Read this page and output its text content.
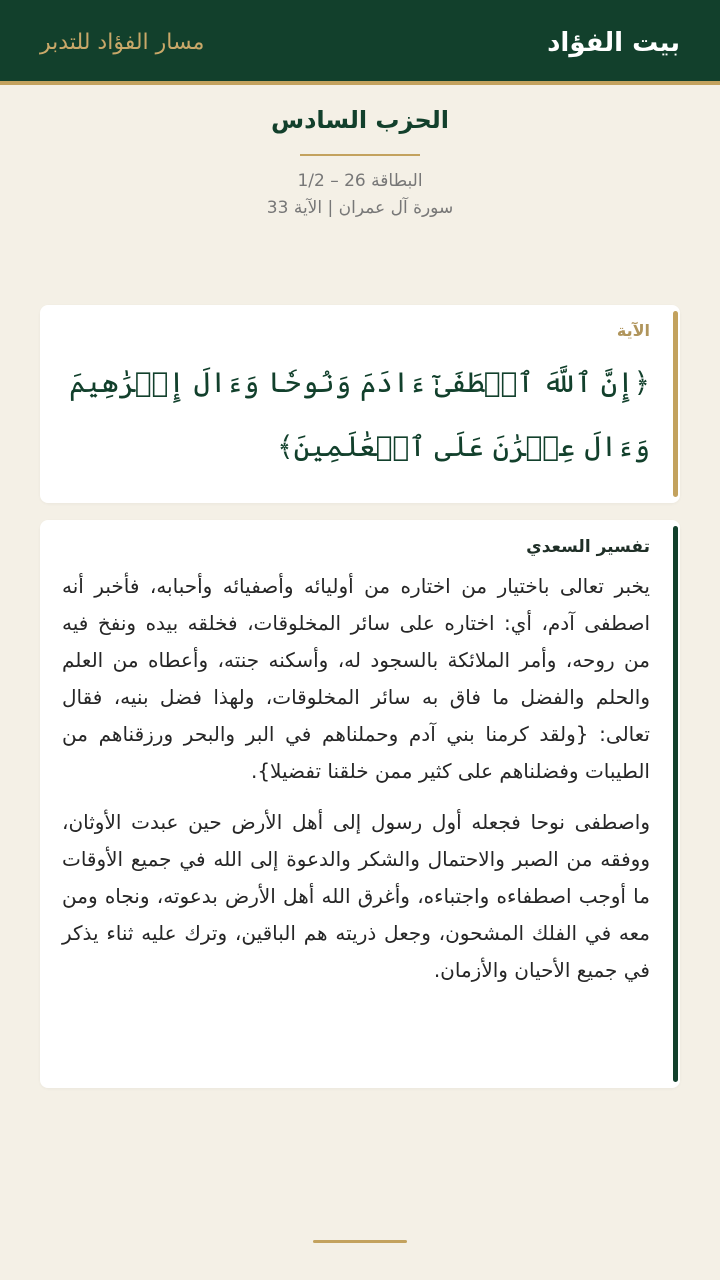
بيت الفؤاد
مسار الفؤاد للتدبر
الحزب السادس
البطاقة 26 – 1/2
سورة آل عمران | الآية 33
الآية
﴿إِنَّ ٱللَّهَ ٱصۡطَفَىٰٓ ءَادَمَ وَنُوحٗا وَءَالَ إِبۡرَٰهِيمَ وَءَالَ عِمۡرَٰنَ عَلَى ٱلۡعَٰلَمِينَ﴾
تفسير السعدي

يخبر تعالى باختيار من اختاره من أوليائه وأصفيائه وأحبابه، فأخبر أنه اصطفى آدم، أي: اختاره على سائر المخلوقات، فخلقه بيده ونفخ فيه من روحه، وأمر الملائكة بالسجود له، وأسكنه جنته، وأعطاه من العلم والحلم والفضل ما فاق به سائر المخلوقات، ولهذا فضل بنيه، فقال تعالى: {ولقد كرمنا بني آدم وحملناهم في البر والبحر ورزقناهم من الطيبات وفضلناهم على كثير ممن خلقنا تفضيلا}.

واصطفى نوحا فجعله أول رسول إلى أهل الأرض حين عبدت الأوثان، ووفقه من الصبر والاحتمال والشكر والدعوة إلى الله في جميع الأوقات ما أوجب اصطفاءه واجتباءه، وأغرق الله أهل الأرض بدعوته، ونجاه ومن معه في الفلك المشحون، وجعل ذريته هم الباقين، وترك عليه ثناء يذكر في جميع الأحيان والأزمان.
